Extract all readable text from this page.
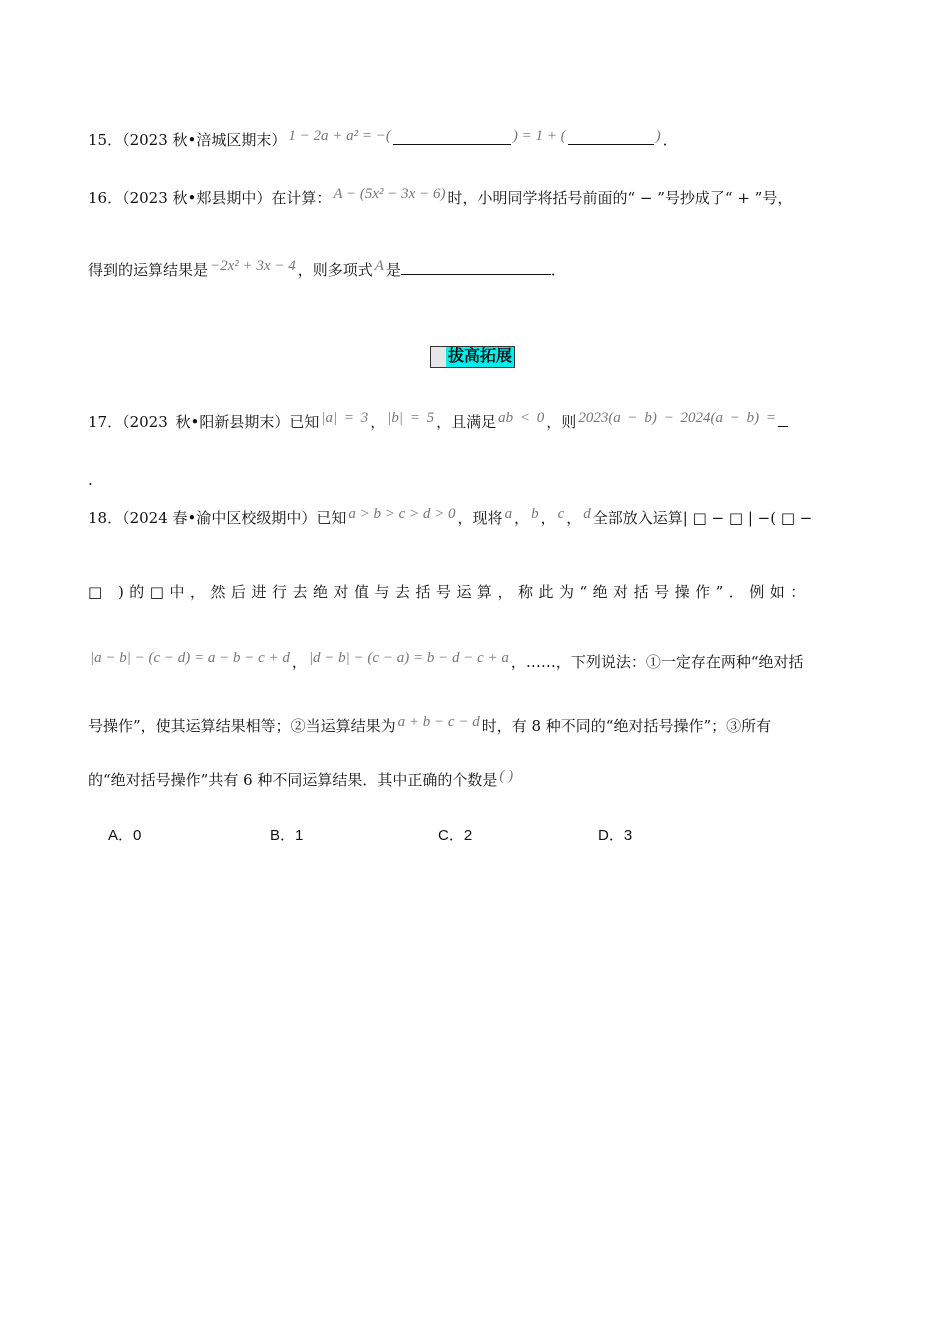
拔高拓展
A．0	B．1	C．2	D．3
15．（2023 秋•涪城区期末） 1 − 2a + a² = −(	) = 1 + (	) ．
16．（2023 秋•郏县期中）在计算： A − (5x² − 3x − 6) 时，小明同学将括号前面的“ − ”号抄成了“ + ”号，
得到的运算结果是 −2x² + 3x − 4 ，则多项式 A 是	．
17．（2023 秋•阳新县期末）已知 |a| = 3 ， |b| = 5 ，且满足 ab < 0 ，则 2023(a − b) − 2024(a − b) =
.
18．（2024 春•渝中区校级期中）已知 a > b > c > d > 0 ，现将 a ， b ， c ， d 全部放入运算| □ − □ | −( □ −
□ )的□中，然后进行去绝对值与去括号运算，称此为“绝对括号操作”．例如：
|a − b| − (c − d) = a − b − c + d ， |d − b| − (c − a) = b − d − c + a ，……，下列说法：①一定存在两种“绝对括
号操作”，使其运算结果相等；②当运算结果为 a + b − c − d 时，有 8 种不同的“绝对括号操作”；③所有
的“绝对括号操作”共有 6 种不同运算结果．其中正确的个数是 ( )
